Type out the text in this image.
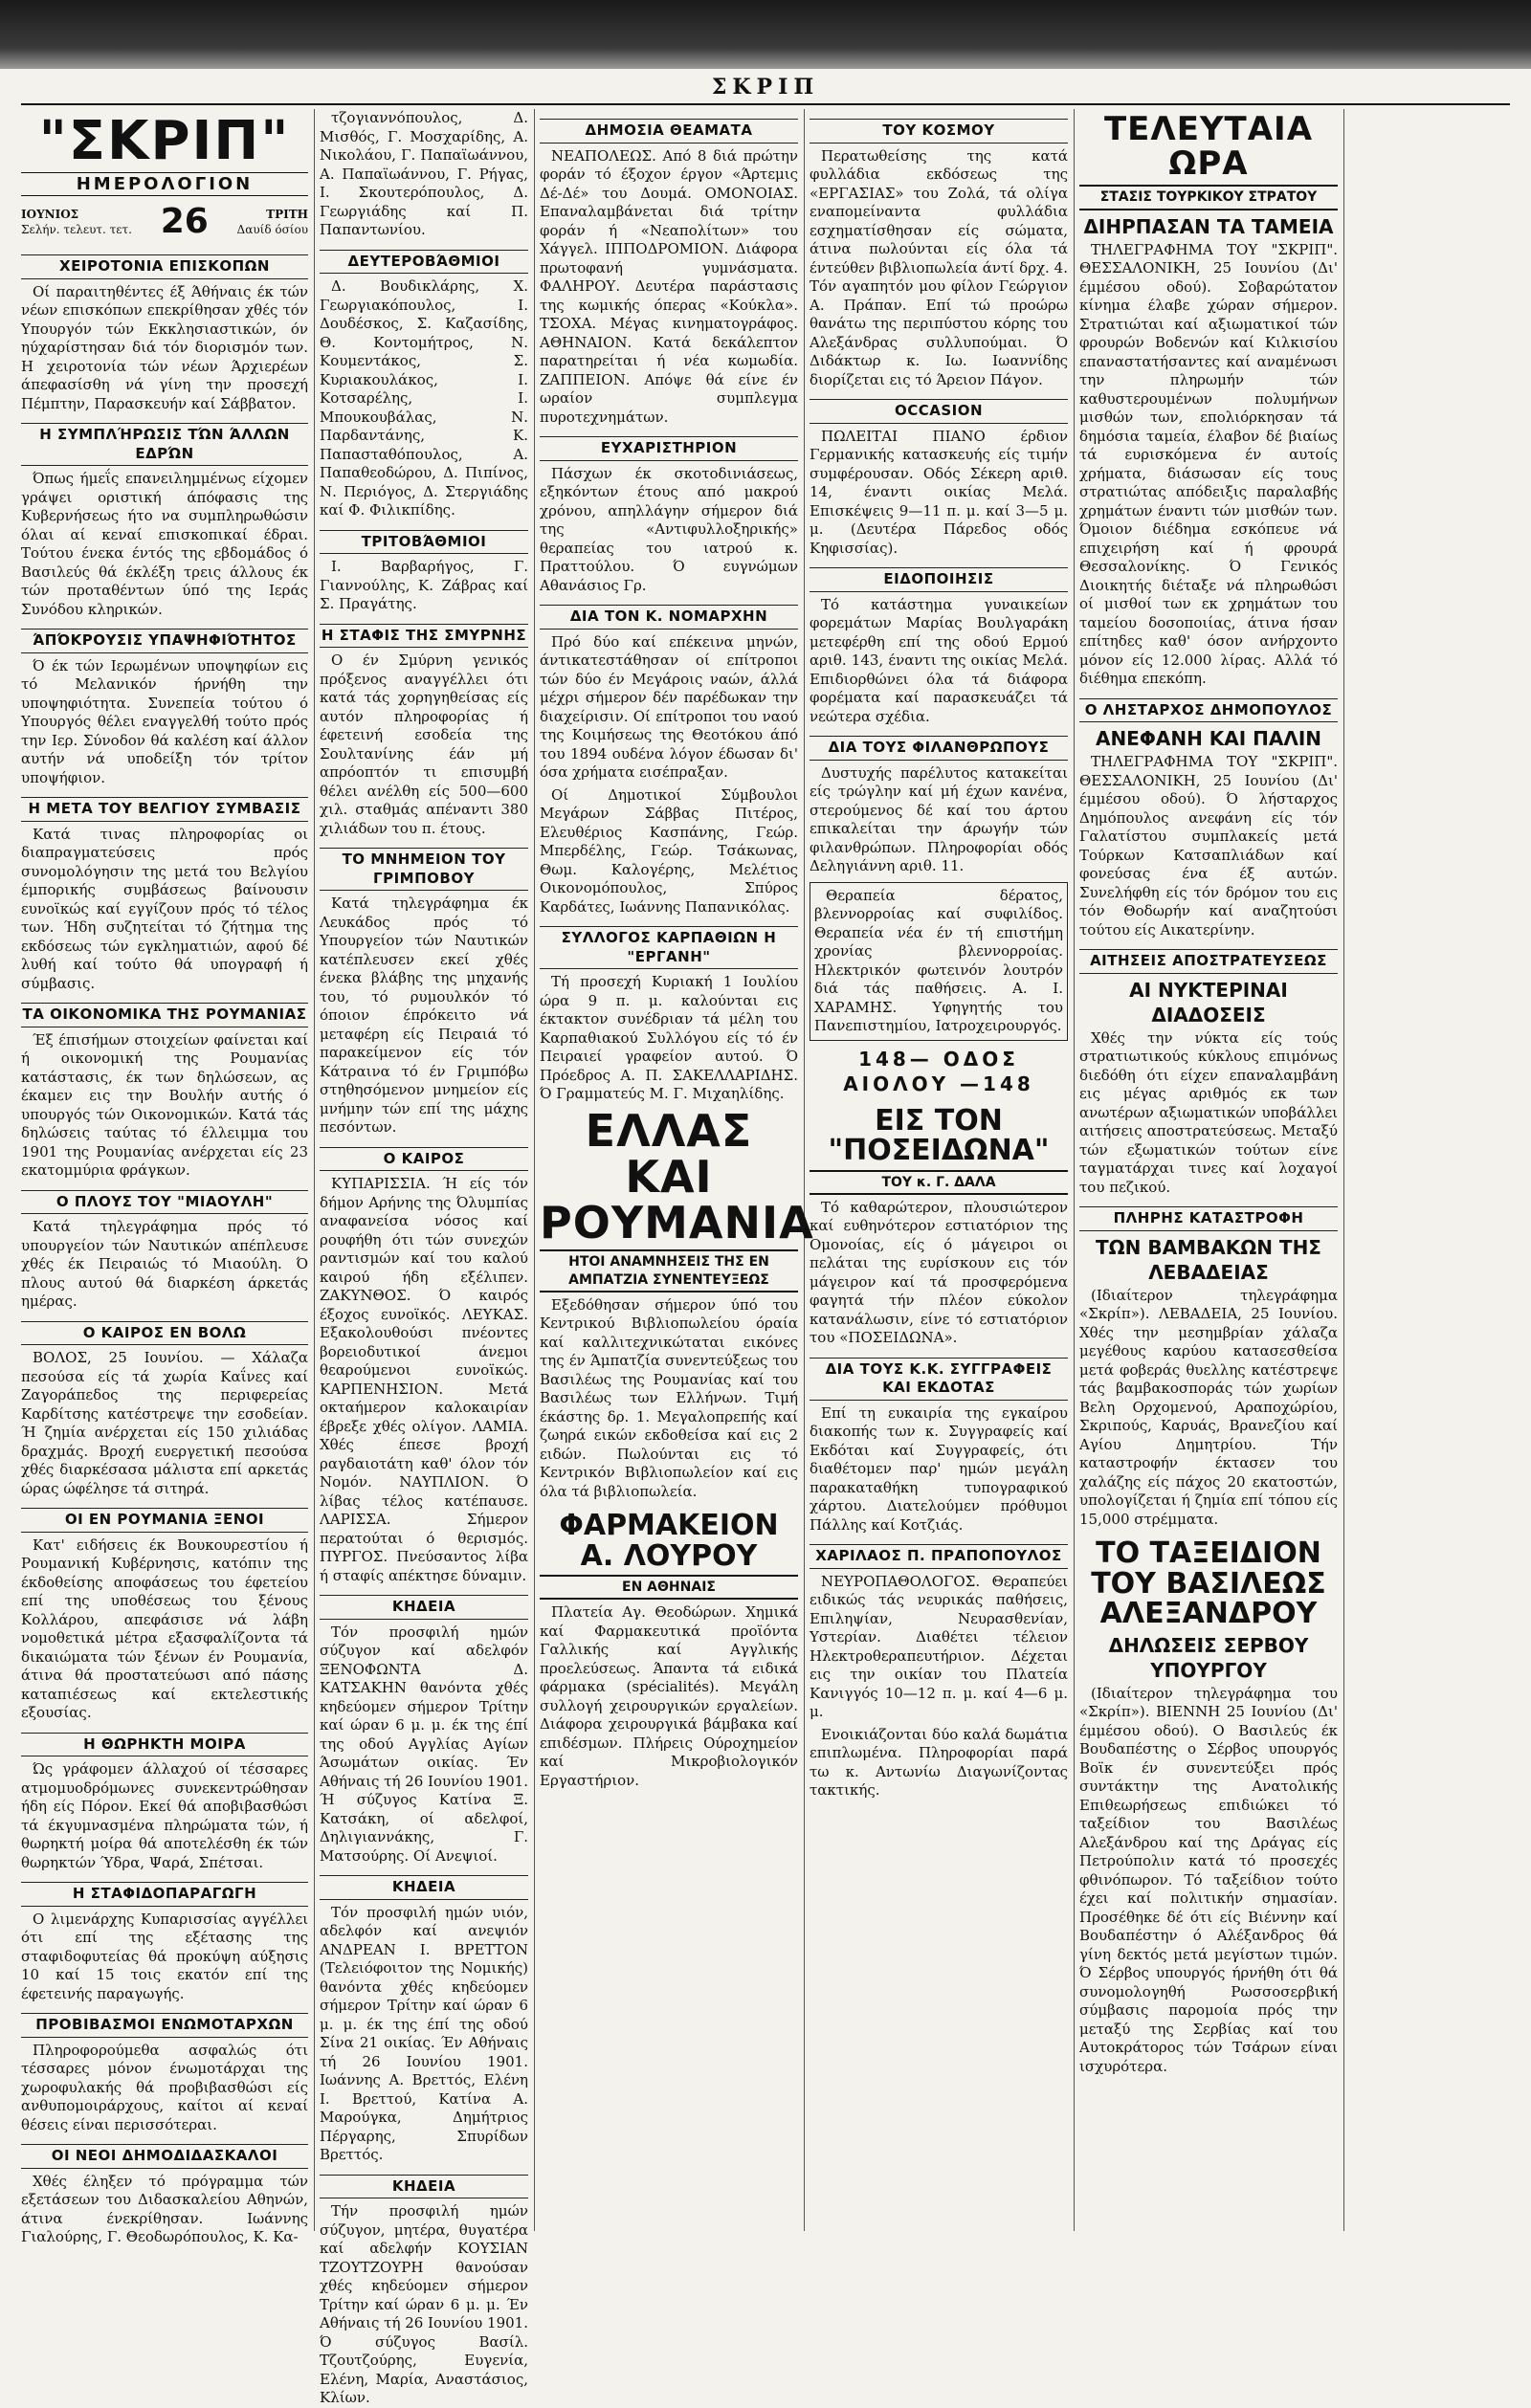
ΣΚΡΙΠ
"ΣΚΡΙΠ"
ΗΜΕΡΟΛΟΓΙΟΝ
ΙΟΥΝΙΟΣ
Σελήν. τελευτ. τετ. 26	ΤΡΙΤΗ
Δαυίδ όσίου
ΧΕΙΡΟΤΟΝΙΑ ΕΠΙΣΚΟΠΩΝ

Οί παραιτηθέντες έξ Άθήναις έκ τών νέων επισκόπων επεκρίθησαν χθές τόν Υπουργόν τών Εκκλησιαστικών, όν ηύχαρίστησαν διά τόν διορισμόν των. Η χειροτονία τών νέων Άρχιερέων άπεφασίσθη νά γίνη την προσεχή Πέμπτην, Παρασκευήν καί Σάββατον.

Η ΣΥΜΠΛΉΡΩΣΙΣ ΤΏΝ ΆΛΛΩΝ ΕΔΡΏΝ

Όπως ήμεΐς επανειλημμένως είχομεν γράψει οριστική άπόφασις της Κυβερνήσεως ήτο να συμπληρωθώσιν όλαι αί κεναί επισκοπικαί έδραι. Τούτου ένεκα έντός της εβδομάδος ό Βασιλεύς θά έκλέξη τρεις άλλους έκ τών προταθέντων ύπό της Ιεράς Συνόδου κληρικών.

ΆΠΌΚΡΟΥΣΙΣ ΥΠΑΨΗΦΙΌΤΗΤΟΣ

Ό έκ τών Ιερωμένων υποψηφίων εις τό Μελανικόν ήρνήθη την υποψηφιότητα. Συνεπεία τούτου ό Υπουργός θέλει εναγγελθή τούτο πρός την Ιερ. Σύνοδον θά καλέση καί άλλον αυτήν νά υποδείξη τόν τρίτον υποψήφιον.

Η ΜΕΤΑ ΤΟΥ ΒΕΛΓΙΟΥ ΣΥΜΒΑΣΙΣ

Κατά τινας πληροφορίας οι διαπραγματεύσεις πρός συνομολόγησιν της μετά του Βελγίου έμπορικής συμβάσεως βαίνουσιν ευνοϊκώς καί εγγίζουν πρός τό τέλος των. Ήδη συζητείται τό ζήτημα της εκδόσεως τών εγκληματιών, αφού δέ λυθή καί τούτο θά υπογραφή ή σύμβασις.

ΤΑ ΟΙΚΟΝΟΜΙΚΑ ΤΗΣ ΡΟΥΜΑΝΙΑΣ

Έξ έπισήμων στοιχείων φαίνεται καί ή οικονομική της Ρουμανίας κατάστασις, έκ των δηλώσεων, ας έκαμεν εις την Βουλήν αυτής ό υπουργός τών Οικονομικών. Κατά τάς δηλώσεις ταύτας τό έλλειμμα του 1901 της Ρουμανίας ανέρχεται είς 23 εκατομμύρια φράγκων.

Ο ΠΛΟΥΣ ΤΟΥ "ΜΙΑΟΥΛΗ"

Κατά τηλεγράφημα πρός τό υπουργείον τών Ναυτικών απέπλευσε χθές έκ Πειραιώς τό Μιαούλη. Ό πλους αυτού θά διαρκέση άρκετάς ημέρας.

Ο ΚΑΙΡΟΣ ΕΝ ΒΟΛΩ

ΒΟΛΟΣ, 25 Ιουνίου. — Χάλαζα πεσούσα είς τά χωρία Καΐνες καί Ζαγοράπεδος της περιφερείας Καρδίτσης κατέστρεψε την εσοδείαν. Ή ζημία ανέρχεται είς 150 χιλιάδας δραχμάς. Βροχή ευεργετική πεσούσα χθές διαρκέσασα μάλιστα επί αρκετάς ώρας ώφέλησε τά σιτηρά.

ΟΙ ΕΝ ΡΟΥΜΑΝΙΑ ΞΕΝΟΙ

Κατ' ειδήσεις έκ Βουκουρεστίου ή Ρουμανική Κυβέρνησις, κατόπιν της έκδοθείσης αποφάσεως του έφετείου επί της υποθέσεως του ξένους Κολλάρου, απεφάσισε νά λάβη νομοθετικά μέτρα εξασφαλίζοντα τά δικαιώματα τών ξένων έν Ρουμανία, άτινα θά προστατεύωσι από πάσης καταπιέσεως καί εκτελεστικής εξουσίας.

Η ΘΩΡΗΚΤΗ ΜΟΙΡΑ

Ώς γράφομεν άλλαχού οί τέσσαρες ατμομυοδρόμωνες συνεκεντρώθησαν ήδη είς Πόρον. Εκεί θά αποβιβασθώσι τά έκγυμνασμένα πληρώματα τών, ή θωρηκτή μοίρα θά αποτελέσθη έκ τών θωρηκτών Ύδρα, Ψαρά, Σπέτσαι.

Η ΣΤΑΦΙΔΟΠΑΡΑΓΩΓΗ

Ο λιμενάρχης Κυπαρισσίας αγγέλλει ότι επί της εξέτασης της σταφιδοφυτείας θά προκύψη αύξησις 10 καί 15 τοις εκατόν επί της έφετεινής παραγωγής.

ΠΡΟΒΙΒΑΣΜΟΙ ΕΝΩΜΟΤΑΡΧΩΝ

Πληροφορούμεθα ασφαλώς ότι τέσσαρες μόνον ένωμοτάρχαι της χωροφυλακής θά προβιβασθώσι είς ανθυπομοιράρχους, καίτοι αί κεναί θέσεις είναι περισσότεραι.

ΟΙ ΝΕΟΙ ΔΗΜΟΔΙΔΑΣΚΑΛΟΙ

Χθές έληξεν τό πρόγραμμα τών εξετάσεων του Διδασκαλείου Αθηνών, άτινα ένεκρίθησαν. Ιωάννης Γιαλούρης, Γ. Θεοδωρόπουλος, Κ. Κα-

τζογιαννόπουλος, Δ. Μισθός, Γ. Μοσχαρίδης, Α. Νικολάου, Γ. Παπαϊωάννου, Α. Παπαϊωάννου, Γ. Ρήγας, Ι. Σκουτερόπουλος, Δ. Γεωργιάδης καί Π. Παπαντωνίου.

ΔΕΥΤΕΡΟΒΆΘΜΙΟΙ

Δ. Βουδικλάρης, Χ. Γεωργιακόπουλος, Ι. Δουδέσκος, Σ. Καζασίδης, Θ. Κοντομήτρος, Ν. Κουμεντάκος, Σ. Κυριακουλάκος, Ι. Κοτσαρέλης, Ι. Μπουκουβάλας, Ν. Παρδαντάνης, Κ. Παπασταθόπουλος, Α. Παπαθεοδώρου, Δ. Πιπίνος, Ν. Περιόγος, Δ. Στεργιάδης καί Φ. Φιλικπίδης.

ΤΡΙΤΟΒΆΘΜΙΟΙ

Ι. Βαρβαρήγος, Γ. Γιαννούλης, Κ. Ζάβρας καί Σ. Πραγάτης.

Η ΣΤΑΦΙΣ ΤΗΣ ΣΜΥΡΝΗΣ

Ο έν Σμύρνη γενικός πρόξενος αναγγέλλει ότι κατά τάς χορηγηθείσας είς αυτόν πληροφορίας ή έφετεινή εσοδεία της Σουλτανίνης έάν μή απρόοπτόν τι επισυμβή θέλει ανέλθη είς 500—600 χιλ. σταθμάς απέναντι 380 χιλιάδων του π. έτους.

ΤΟ ΜΝΗΜΕΙΟΝ ΤΟΥ ΓΡΙΜΠΟΒΟΥ

Κατά τηλεγράφημα έκ Λευκάδος πρός τό Υπουργείον τών Ναυτικών κατέπλευσεν εκεί χθές ένεκα βλάβης της μηχανής του, τό ρυμουλκόν τό όποιον έπρόκειτο νά μεταφέρη είς Πειραιά τό παρακείμενον είς τόν Κάτραινα τό έν Γριμπόβω στηθησόμενον μνημείον είς μνήμην τών επί της μάχης πεσόντων.

Ο ΚΑΙΡΟΣ

ΚΥΠΑΡΙΣΣΙΑ. Ή είς τόν δήμον Αρήνης της Όλυμπίας αναφανείσα νόσος καί ρουφήθη ότι τών συνεχών ραντισμών καί του καλού καιρού ήδη εξέλιπεν. ΖΑΚΥΝΘΟΣ. Ό καιρός έξοχος ευνοϊκός. ΛΕΥΚΑΣ. Εξακολουθούσι πνέοντες βορειοδυτικοί άνεμοι θεαρούμενοι ευνοϊκώς. ΚΑΡΠΕΝΗΣΙΟΝ. Μετά οκταήμερον καλοκαιρίαν έβρεξε χθές ολίγον. ΛΑΜΙΑ. Χθές έπεσε βροχή ραγδαιοτάτη καθ' όλον τόν Νομόν. ΝΑΥΠΛΙΟΝ. Ό λίβας τέλος κατέπαυσε. ΛΑΡΙΣΣΑ. Σήμερον περατούται ό θερισμός. ΠΥΡΓΟΣ. Πνεύσαντος λίβα ή σταφίς απέκτησε δύναμιν.

ΚΗΔΕΙΑ

Τόν προσφιλή ημών σύζυγον καί αδελφόν ΞΕΝΟΦΩΝΤΑ Δ. ΚΑΤΣΑΚΗΝ θανόντα χθές κηδεύομεν σήμερον Τρίτην καί ώραν 6 μ. μ. έκ της έπί της οδού Αγγλίας Αγίων Άσωμάτων οικίας. Έν Αθήναις τή 26 Ιουνίου 1901. Ή σύζυγος Κατίνα Ξ. Κατσάκη, οί αδελφοί, Δηλιγιαννάκης, Γ. Ματσούρης. Οί Ανεψιοί.

ΚΗΔΕΙΑ

Τόν προσφιλή ημών υιόν, αδελφόν καί ανεψιόν ΑΝΔΡΕΑΝ Ι. ΒΡΕΤΤΟΝ (Τελειόφοιτον της Νομικής) θανόντα χθές κηδεύομεν σήμερον Τρίτην καί ώραν 6 μ. μ. έκ της έπί της οδού Σίνα 21 οικίας. Έν Αθήναις τή 26 Ιουνίου 1901. Ιωάννης Α. Βρεττός, Ελένη Ι. Βρεττού, Κατίνα Α. Μαρούγκα, Δημήτριος Πέργαρης, Σπυρίδων Βρεττός.

ΚΗΔΕΙΑ

Τήν προσφιλή ημών σύζυγον, μητέρα, θυγατέρα καί αδελφήν ΚΟΥΣΙΑΝ ΤΖΟΥΤΖΟΥΡΗ θανούσαν χθές κηδεύομεν σήμερον Τρίτην καί ώραν 6 μ. μ. Έν Αθήναις τή 26 Ιουνίου 1901. Ό σύζυγος Βασίλ. Τζουτζούρης, Ευγενία, Ελένη, Μαρία, Αναστάσιος, Κλίων.

ΔΗΜΟΣΙΑ ΘΕΑΜΑΤΑ

ΝΕΑΠΟΛΕΩΣ. Από 8 διά πρώτην φοράν τό έξοχον έργον «Άρτεμις Δέ-Δέ» του Δουμά. ΟΜΟΝΟΙΑΣ. Επαναλαμβάνεται διά τρίτην φοράν ή «Νεαπολίτων» του Χάγγελ. ΙΠΠΟΔΡΟΜΙΟΝ. Διάφορα πρωτοφανή γυμνάσματα. ΦΑΛΗΡΟΥ. Δευτέρα παράστασις της κωμικής όπερας «Κούκλα». ΤΣΟΧΑ. Μέγας κινηματογράφος. ΑΘΗΝΑΙΟΝ. Κατά δεκάλεπτον παρατηρείται ή νέα κωμωδία. ΖΑΠΠΕΙΟΝ. Απόψε θά είνε έν ωραίον συμπλεγμα πυροτεχνημάτων.

ΕΥΧΑΡΙΣΤΗΡΙΟΝ

Πάσχων έκ σκοτοδινιάσεως, εξηκόντων έτους από μακρού χρόνου, απηλλάγην σήμερον διά της «Αντιφυλλοξηρικής» θεραπείας του ιατρού κ. Πραττούλου. Ό ευγνώμων Αθανάσιος Γρ.

ΔΙΑ ΤΟΝ Κ. ΝΟΜΑΡΧΗΝ

Πρό δύο καί επέκεινα μηνών, άντικατεστάθησαν οί επίτροποι τών δύο έν Μεγάροις ναών, άλλά μέχρι σήμερον δέν παρέδωκαν την διαχείρισιν. Οί επίτροποι του ναού της Κοιμήσεως της Θεοτόκου άπό του 1894 ουδένα λόγον έδωσαν δι' όσα χρήματα εισέπραξαν.

Οί Δημοτικοί Σύμβουλοι Μεγάρων Σάββας Πιτέρος, Ελευθέριος Κασπάνης, Γεώρ. Μπερδέλης, Γεώρ. Τσάκωνας, Θωμ. Καλογέρης, Μελέτιος Οικονομόπουλος, Σπύρος Καρδάτες, Ιωάννης Παπανικόλας.

ΣΥΛΛΟΓΟΣ ΚΑΡΠΑΘΙΩΝ Η "ΕΡΓΑΝΗ"

Τή προσεχή Κυριακή 1 Ιουλίου ώρα 9 π. μ. καλούνται εις έκτακτον συνέδριαν τά μέλη του Καρπαθιακού Συλλόγου είς τό έν Πειραιεί γραφείον αυτού. Ό Πρόεδρος Α. Π. ΣΑΚΕΛΛΑΡΙΔΗΣ. Ό Γραμματεύς Μ. Γ. Μιχαηλίδης.

ΕΛΛΑΣ ΚΑΙ ΡΟΥΜΑΝΙΑ
ΗΤΟΙ ΑΝΑΜΝΗΣΕΙΣ ΤΗΣ ΕΝ ΑΜΠΑΤΖΙΑ ΣΥΝΕΝΤΕΥΞΕΩΣ

Εξεδόθησαν σήμερον ύπό του Κεντρικού Βιβλιοπωλείου όραία καί καλλιτεχνικώταται εικόνες της έν Άμπατζία συνεντεύξεως του Βασιλέως της Ρουμανίας καί του Βασιλέως των Ελλήνων. Τιμή έκάστης δρ. 1. Μεγαλοπρεπής καί ζωηρά εικών εκδοθείσα καί εις 2 ειδών. Πωλούνται εις τό Κεντρικόν Βιβλιοπωλείον καί εις όλα τά βιβλιοπωλεία.

ΦΑΡΜΑΚΕΙΟΝ Α. ΛΟΥΡΟΥ
ΕΝ ΑΘΗΝΑΙΣ

Πλατεία Αγ. Θεοδώρων. Χημικά καί Φαρμακευτικά προϊόντα Γαλλικής καί Αγγλικής προελεύσεως. Άπαντα τά ειδικά φάρμακα (spécialités). Μεγάλη συλλογή χειρουργικών εργαλείων. Διάφορα χειρουργικά βάμβακα καί επιδέσμων. Πλήρεις Ούροχημείον καί Μικροβιολογικόν Εργαστήριον.

ΤΟΥ ΚΟΣΜΟΥ

Περατωθείσης της κατά φυλλάδια εκδόσεως της «ΕΡΓΑΣΙΑΣ» του Ζολά, τά ολίγα εναπομείναντα φυλλάδια εσχηματίσθησαν είς σώματα, άτινα πωλούνται είς όλα τά έντεύθεν βιβλιοπωλεία άντί δρχ. 4. Τόν αγαπητόν μου φίλον Γεώργιον Α. Πράπαν. Επί τώ προώρω θανάτω της περιπύστου κόρης του Αλεξάνδρας συλλυπούμαι. Ό Διδάκτωρ κ. Ιω. Ιωαννίδης διορίζεται εις τό Άρειον Πάγον.

OCCASION

ΠΩΛΕΙΤΑΙ ΠΙΑΝΟ έρδιον Γερμανικής κατασκευής είς τιμήν συμφέρουσαν. Οδός Σέκερη αριθ. 14, έναντι οικίας Μελά. Επισκέψεις 9—11 π. μ. καί 3—5 μ. μ. (Δευτέρα Πάρεδος οδός Κηφισσίας).

ΕΙΔΟΠΟΙΗΣΙΣ

Τό κατάστημα γυναικείων φορεμάτων Μαρίας Βουλγαράκη μετεφέρθη επί της οδού Ερμού αριθ. 143, έναντι της οικίας Μελά. Επιδιορθώνει όλα τά διάφορα φορέματα καί παρασκευάζει τά νεώτερα σχέδια.

ΔΙΑ ΤΟΥΣ ΦΙΛΑΝΘΡΩΠΟΥΣ

Δυστυχής παρέλυτος κατακείται είς τρώγλην καί μή έχων κανένα, στερούμενος δέ καί του άρτου επικαλείται την άρωγήν τών φιλανθρώπων. Πληροφορίαι οδός Δεληγιάννη αριθ. 11.

Θεραπεία δέρατος, βλεννορροίας καί συφιλίδος. Θεραπεία νέα έν τή επιστήμη χρονίας βλεννορροίας. Ηλεκτρικόν φωτεινόν λουτρόν διά τάς παθήσεις. Α. Ι. ΧΑΡΑΜΗΣ. Υφηγητής του Πανεπιστημίου, Ιατροχειρουργός.

148— ΟΔΟΣ ΑΙΟΛΟΥ —148
ΕΙΣ ΤΟΝ "ΠΟΣΕΙΔΩΝΑ"
ΤΟΥ κ. Γ. ΔΑΛΑ

Τό καθαρώτερον, πλουσιώτερον καί ευθηνότερον εστιατόριον της Ομονοίας, είς ό μάγειροι οι πελάται της ευρίσκουν εις τόν μάγειρον καί τά προσφερόμενα φαγητά τήν πλέον εύκολον κατανάλωσιν, είνε τό εστιατόριον του «ΠΟΣΕΙΔΩΝΑ».

ΔΙΑ ΤΟΥΣ Κ.Κ. ΣΥΓΓΡΑΦΕΙΣ ΚΑΙ ΕΚΔΟΤΑΣ

Επί τη ευκαιρία της εγκαίρου διακοπής των κ. Συγγραφείς καί Εκδόται καί Συγγραφείς, ότι διαθέτομεν παρ' ημών μεγάλη παρακαταθήκη τυπογραφικού χάρτου. Διατελούμεν πρόθυμοι Πάλλης καί Κοτζιάς.

ΧΑΡΙΛΑΟΣ Π. ΠΡΑΠΟΠΟΥΛΟΣ

ΝΕΥΡΟΠΑΘΟΛΟΓΟΣ. Θεραπεύει ειδικώς τάς νευρικάς παθήσεις, Επιληψίαν, Νευρασθενίαν, Υστερίαν. Διαθέτει τέλειον Ηλεκτροθεραπευτήριον. Δέχεται εις την οικίαν του Πλατεία Κανιγγός 10—12 π. μ. καί 4—6 μ. μ.

Ενοικιάζονται δύο καλά δωμάτια επιπλωμένα. Πληροφορίαι παρά τω κ. Αντωνίω Διαγωνίζοντας τακτικής.

ΤΕΛΕΥΤΑΙΑ ΩΡΑ
ΣΤΑΣΙΣ ΤΟΥΡΚΙΚΟΥ ΣΤΡΑΤΟΥ
ΔΙΗΡΠΑΣΑΝ ΤΑ ΤΑΜΕΙΑ

ΤΗΛΕΓΡΑΦΗΜΑ ΤΟΥ "ΣΚΡΙΠ". ΘΕΣΣΑΛΟΝΙΚΗ, 25 Ιουνίου (Δι' έμμέσου οδού). Σοβαρώτατον κίνημα έλαβε χώραν σήμερον. Στρατιώται καί αξιωματικοί τών φρουρών Βοδενών καί Κιλκισίου επαναστατήσαντες καί αναμένωσι την πληρωμήν τών καθυστερουμένων πολυμήνων μισθών των, επολιόρκησαν τά δημόσια ταμεία, έλαβον δέ βιαίως τά ευρισκόμενα έν αυτοίς χρήματα, διάσωσαν είς τους στρατιώτας απόδειξις παραλαβής χρημάτων έναντι τών μισθών των. Όμοιον διέδημα εσκόπευε νά επιχειρήση καί ή φρουρά Θεσσαλονίκης. Ό Γενικός Διοικητής διέταξε νά πληρωθώσι οί μισθοί των εκ χρημάτων του ταμείου δοσοποιίας, άτινα ήσαν επίτηδες καθ' όσον ανήρχοντο μόνον είς 12.000 λίρας. Αλλά τό διέθημα επεκόπη.

Ο ΛΗΣΤΑΡΧΟΣ ΔΗΜΟΠΟΥΛΟΣ
ΑΝΕΦΑΝΗ ΚΑΙ ΠΑΛΙΝ

ΤΗΛΕΓΡΑΦΗΜΑ ΤΟΥ "ΣΚΡΙΠ". ΘΕΣΣΑΛΟΝΙΚΗ, 25 Ιουνίου (Δι' έμμέσου οδού). Ό λήσταρχος Δημόπουλος ανεφάνη είς τόν Γαλατίστου συμπλακείς μετά Τούρκων Κατσαπλιάδων καί φονεύσας ένα έξ αυτών. Συνελήφθη είς τόν δρόμον του εις τόν Θοδωρήν καί αναζητούσι τούτου είς Αικατερίνην.

ΑΙΤΗΣΕΙΣ ΑΠΟΣΤΡΑΤΕΥΣΕΩΣ
ΑΙ ΝΥΚΤΕΡΙΝΑΙ ΔΙΑΔΟΣΕΙΣ

Χθές την νύκτα είς τούς στρατιωτικούς κύκλους επιμόνως διεδόθη ότι είχεν επαναλαμβάνη εις μέγας αριθμός εκ των ανωτέρων αξιωματικών υποβάλλει αιτήσεις αποστρατεύσεως. Μεταξύ τών εξωματικών τούτων είνε ταγματάρχαι τινες καί λοχαγοί του πεζικού.

ΠΛΗΡΗΣ ΚΑΤΑΣΤΡΟΦΗ
ΤΩΝ ΒΑΜΒΑΚΩΝ ΤΗΣ ΛΕΒΑΔΕΙΑΣ

(Ιδιαίτερον τηλεγράφημα «Σκρίπ»). ΛΕΒΑΔΕΙΑ, 25 Ιουνίου. Χθές την μεσημβρίαν χάλαζα μεγέθους καρύου κατασεσθείσα μετά φοβεράς θυελλης κατέστρεψε τάς βαμβακοσποράς τών χωρίων Βελη Ορχομενού, Αραποχώρίου, Σκριπούς, Καρυάς, Βρανεζίου καί Αγίου Δημητρίου. Τήν καταστροφήν έκτασεν του χαλάζης είς πάχος 20 εκατοστών, υπολογίζεται ή ζημία επί τόπου είς 15,000 στρέμματα.

ΤΟ ΤΑΞΕΙΔΙΟΝ ΤΟΥ ΒΑΣΙΛΕΩΣ ΑΛΕΞΑΝΔΡΟΥ
ΔΗΛΩΣΕΙΣ ΣΕΡΒΟΥ ΥΠΟΥΡΓΟΥ

(Ιδιαίτερον τηλεγράφημα του «Σκρίπ»). ΒΙΕΝΝΗ 25 Ιουνίου (Δι' έμμέσου οδού). Ο Βασιλεύς έκ Βουδαπέστης ο Σέρβος υπουργός Βοϊκ έν συνεντεύξει πρός συντάκτην της Ανατολικής Επιθεωρήσεως επιδιώκει τό ταξείδιον του Βασιλέως Αλεξάνδρου καί της Δράγας είς Πετρούπολιν κατά τό προσεχές φθινόπωρον. Τό ταξείδιον τούτο έχει καί πολιτικήν σημασίαν. Προσέθηκε δέ ότι είς Βιέννην καί Βουδαπέστην ό Αλέξανδρος θά γίνη δεκτός μετά μεγίστων τιμών. Ό Σέρβος υπουργός ήρνήθη ότι θά συνομολογηθή Ρωσσοσερβική σύμβασις παρομοία πρός την μεταξύ της Σερβίας καί του Αυτοκράτορος τών Τσάρων είναι ισχυρότερα.
